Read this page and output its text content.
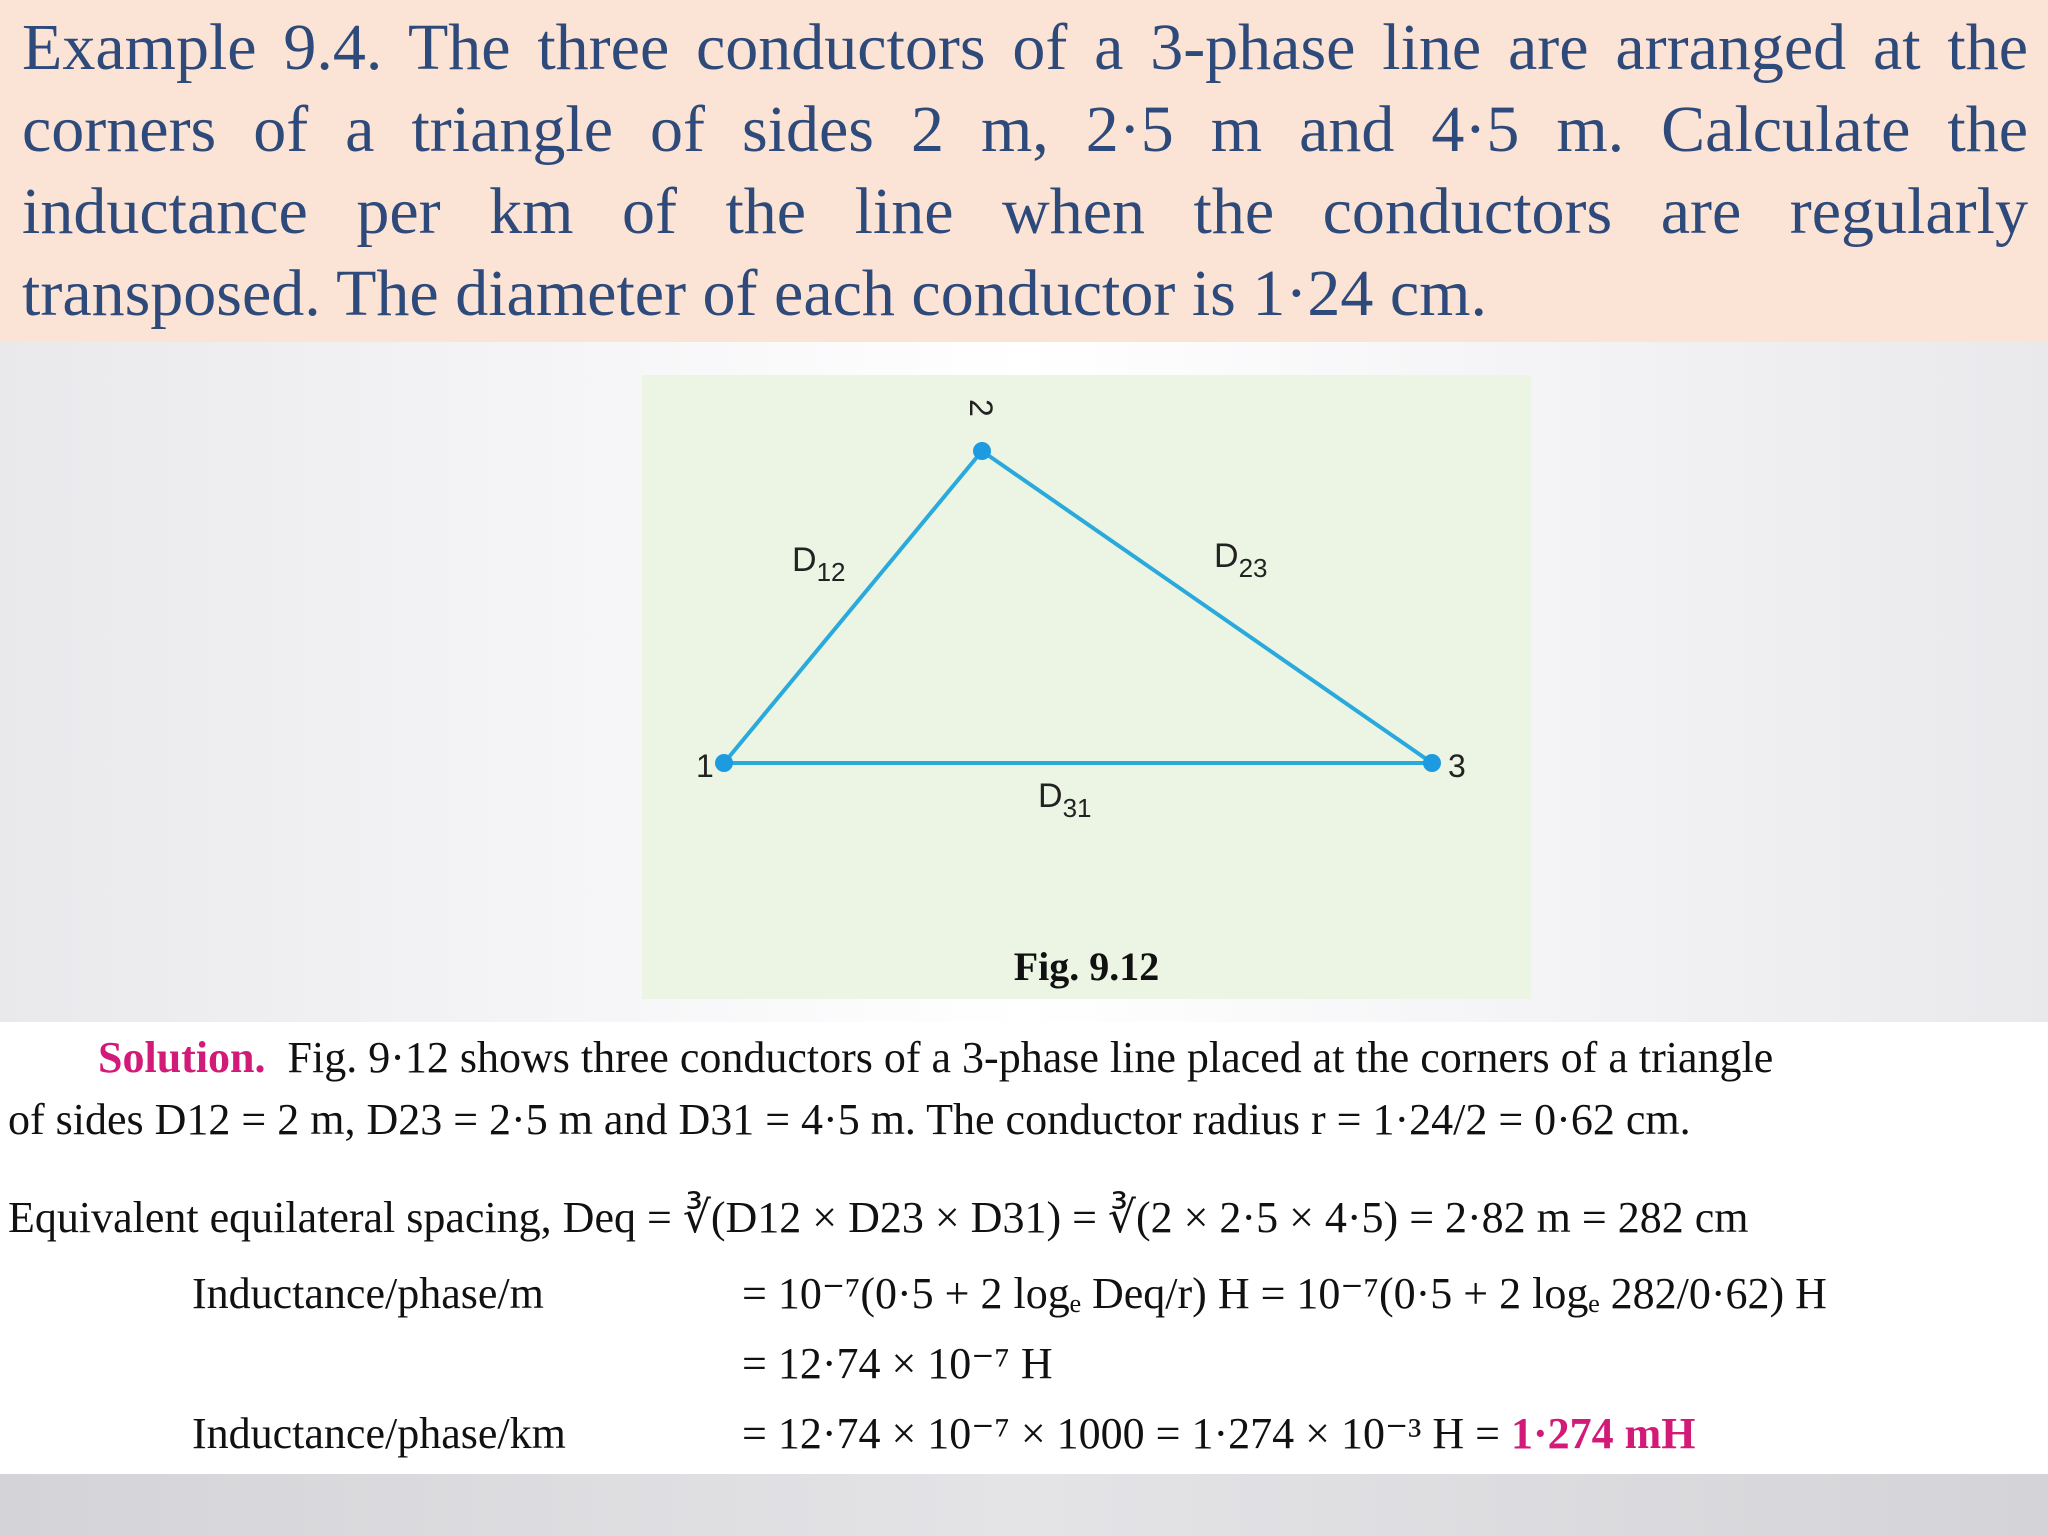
Example 9.4. The three conductors of a 3-phase line are arranged at the
corners of a triangle of sides 2 m, 2·5 m and 4·5 m. Calculate the
inductance per km of the line when the conductors are regularly
transposed. The diameter of each conductor is 1·24 cm.
1
2
3
$D_{12}$	$D_{23}$
$D_{31}$
Fig. 9.12
Solution. Fig. 9·12 shows three conductors of a 3-phase line placed at the corners of a triangle
of sides D12 = 2 m, D23 = 2·5 m and D31 = 4·5 m. The conductor radius r = 1·24/2 = 0·62 cm.
Equivalent equilateral spacing, Deq = ∛(D12 × D23 × D31) = ∛(2 × 2·5 × 4·5) = 2·82 m = 282 cm
Inductance/phase/m	= 10⁻⁷(0·5 + 2 logₑ Deq/r) H = 10⁻⁷(0·5 + 2 logₑ 282/0·62) H
= 12·74 × 10⁻⁷ H
Inductance/phase/km	= 12·74 × 10⁻⁷ × 1000 = 1·274 × 10⁻³ H = 1·274 mH
